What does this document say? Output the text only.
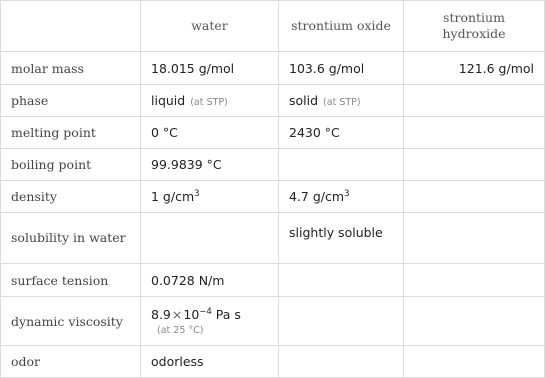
	water	strontium oxide	strontium hydroxide
molar mass	18.015 g/mol	103.6 g/mol	121.6 g/mol
phase	liquid (at STP)	solid (at STP)	
melting point	0 °C	2430 °C	
boiling point	99.9839 °C		
density	1 $g/cm^3$	4.7 $g/cm^3$	
solubility in water		slightly soluble	
surface tension	0.0728 N/m		
dynamic viscosity	$8.9\times 10^{-4}$ Pa s
(at 25 °C)		

odor	odorless		
